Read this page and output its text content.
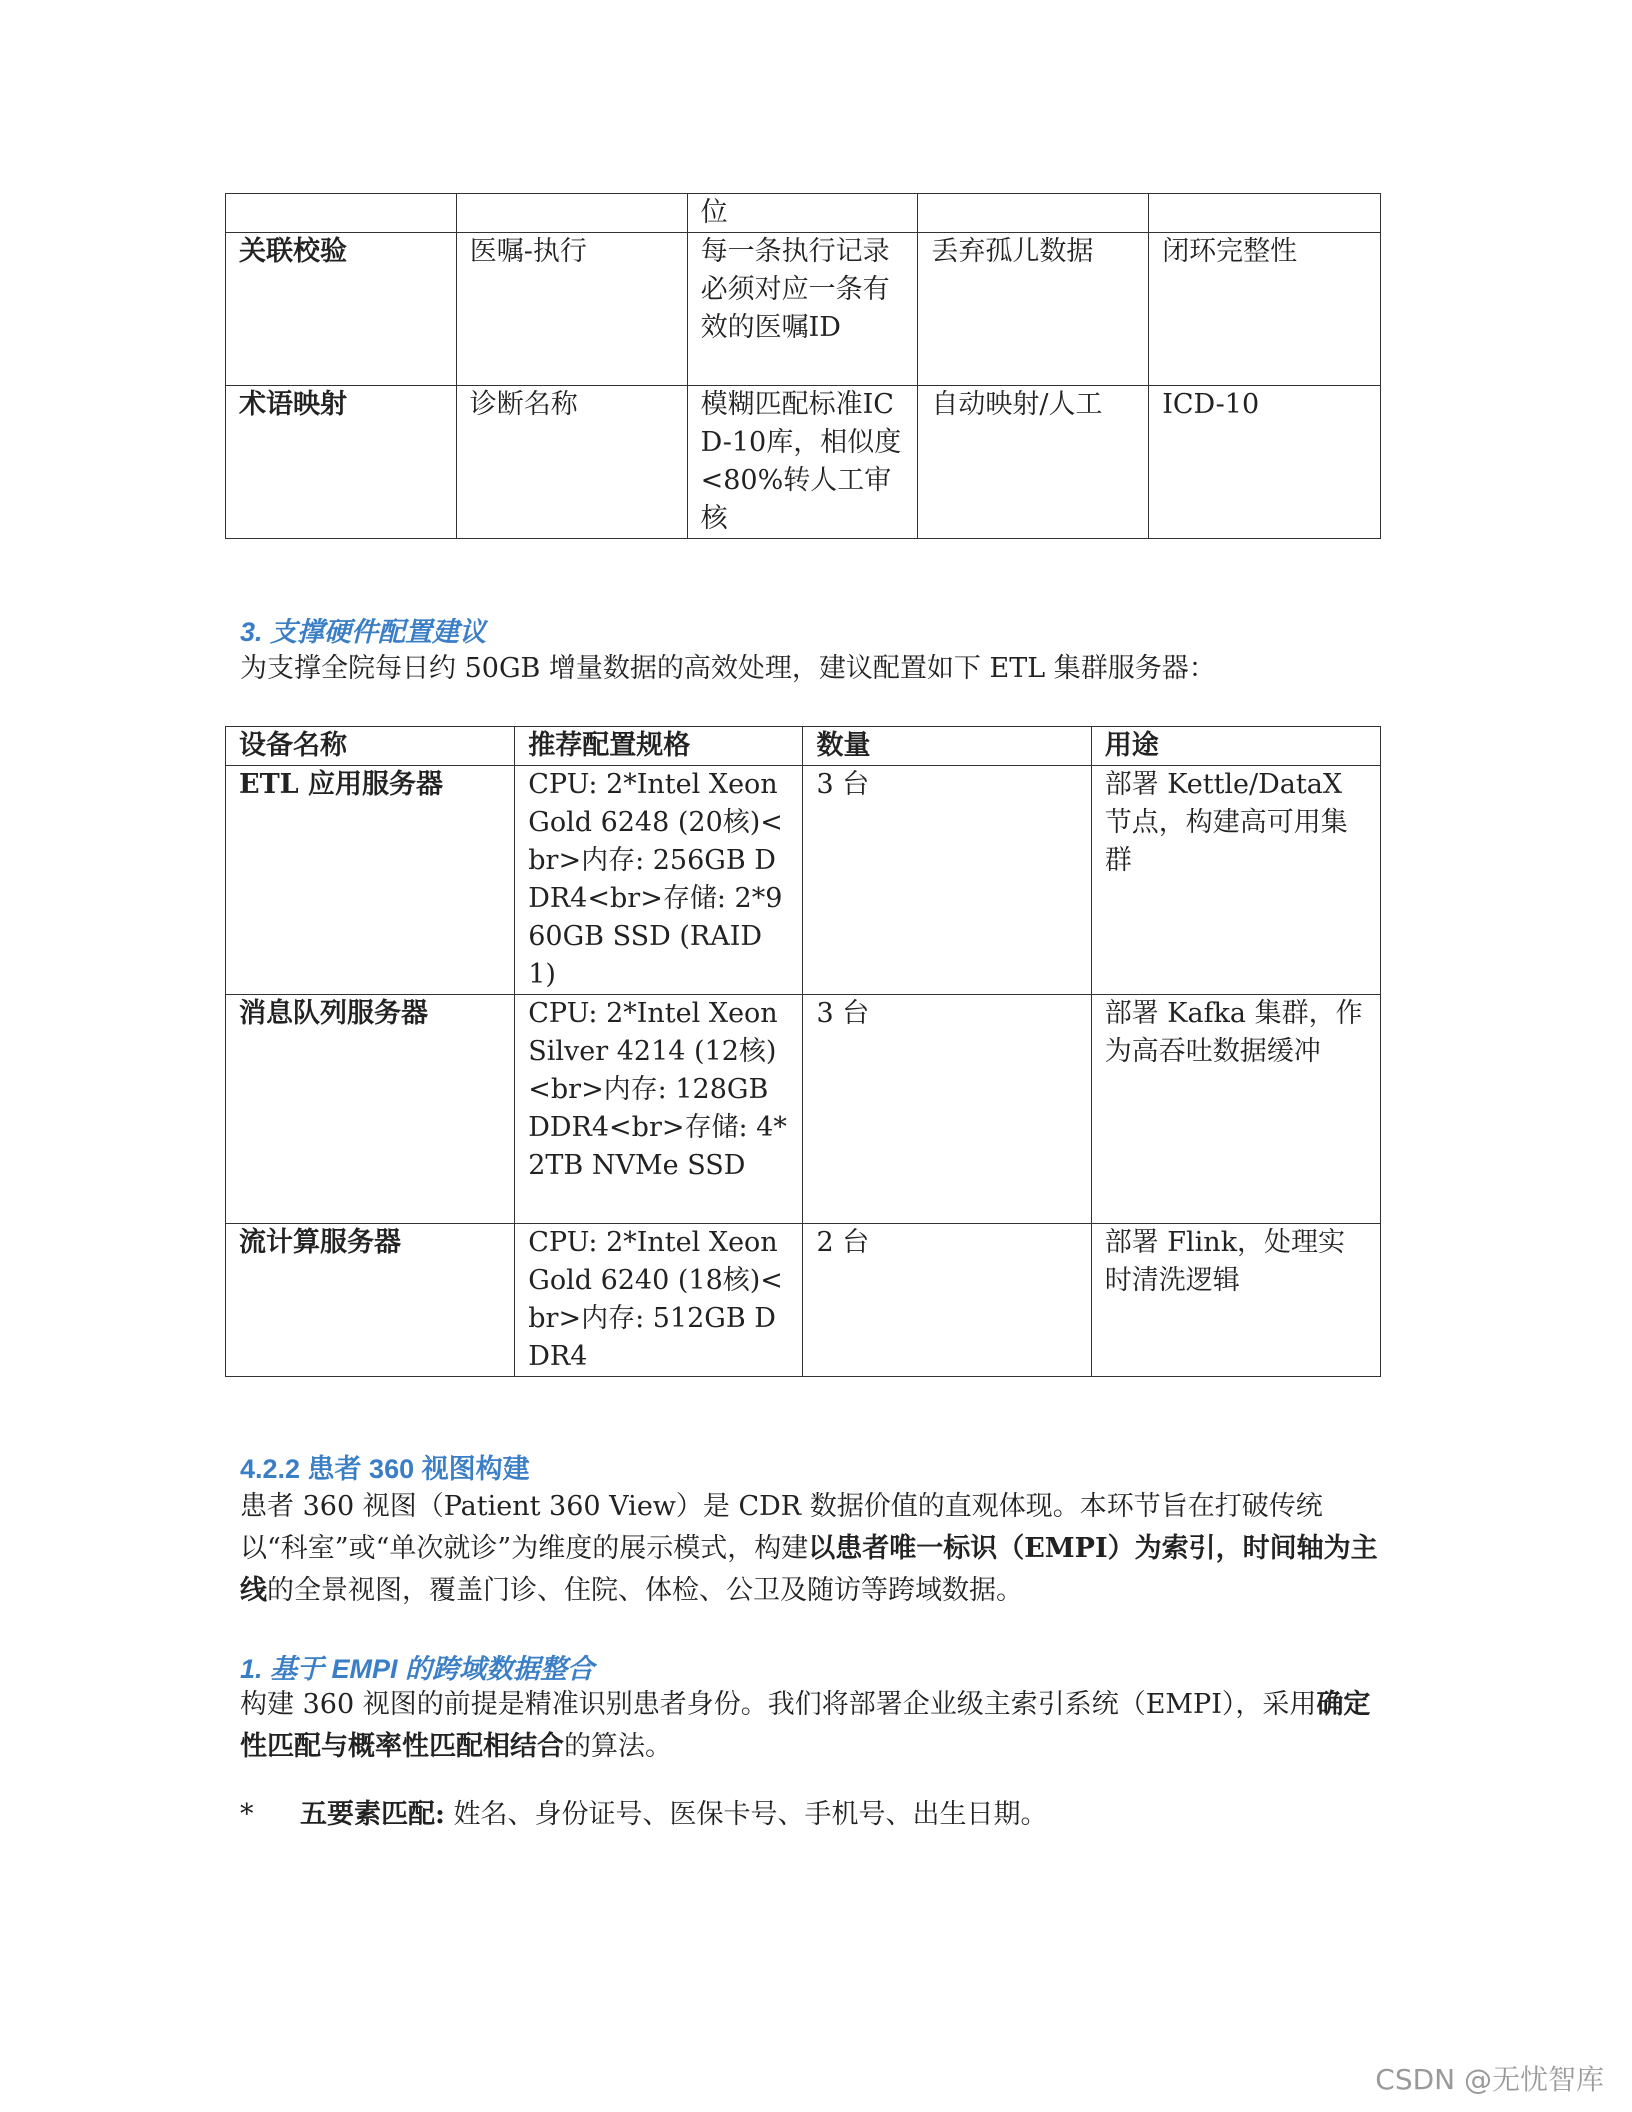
		位		
关联校验	医嘱-执行	每一条执行记录必须对应一条有效的医嘱ID	丢弃孤儿数据	闭环完整性
术语映射	诊断名称	模糊匹配标准ICD-10库，相似度<80%转人工审核	自动映射/人工	ICD-10
3. 支撑硬件配置建议

为支撑全院每日约 50GB 增量数据的高效处理，建议配置如下 ETL 集群服务器：

设备名称	推荐配置规格	数量	用途
ETL 应用服务器	CPU: 2*Intel Xeon Gold 6248 (20核)<br>内存: 256GB DDR4<br>存储: 2*960GB SSD (RAID1)	3 台	部署 Kettle/DataX 节点，构建高可用集群
消息队列服务器	CPU: 2*Intel Xeon Silver 4214 (12核)<br>内存: 128GB DDR4<br>存储: 4*2TB NVMe SSD	3 台	部署 Kafka 集群，作为高吞吐数据缓冲
流计算服务器	CPU: 2*Intel Xeon Gold 6240 (18核)<br>内存: 512GB DDR4	2 台	部署 Flink，处理实时清洗逻辑
4.2.2 患者 360 视图构建

患者 360 视图（Patient 360 View）是 CDR 数据价值的直观体现。本环节旨在打破传统以“科室”或“单次就诊”为维度的展示模式，构建以患者唯一标识（EMPI）为索引，时间轴为主线的全景视图，覆盖门诊、住院、体检、公卫及随访等跨域数据。

1. 基于 EMPI 的跨域数据整合

构建 360 视图的前提是精准识别患者身份。我们将部署企业级主索引系统（EMPI），采用确定性匹配与概率性匹配相结合的算法。

* 五要素匹配: 姓名、身份证号、医保卡号、手机号、出生日期。
CSDN @无忧智库
